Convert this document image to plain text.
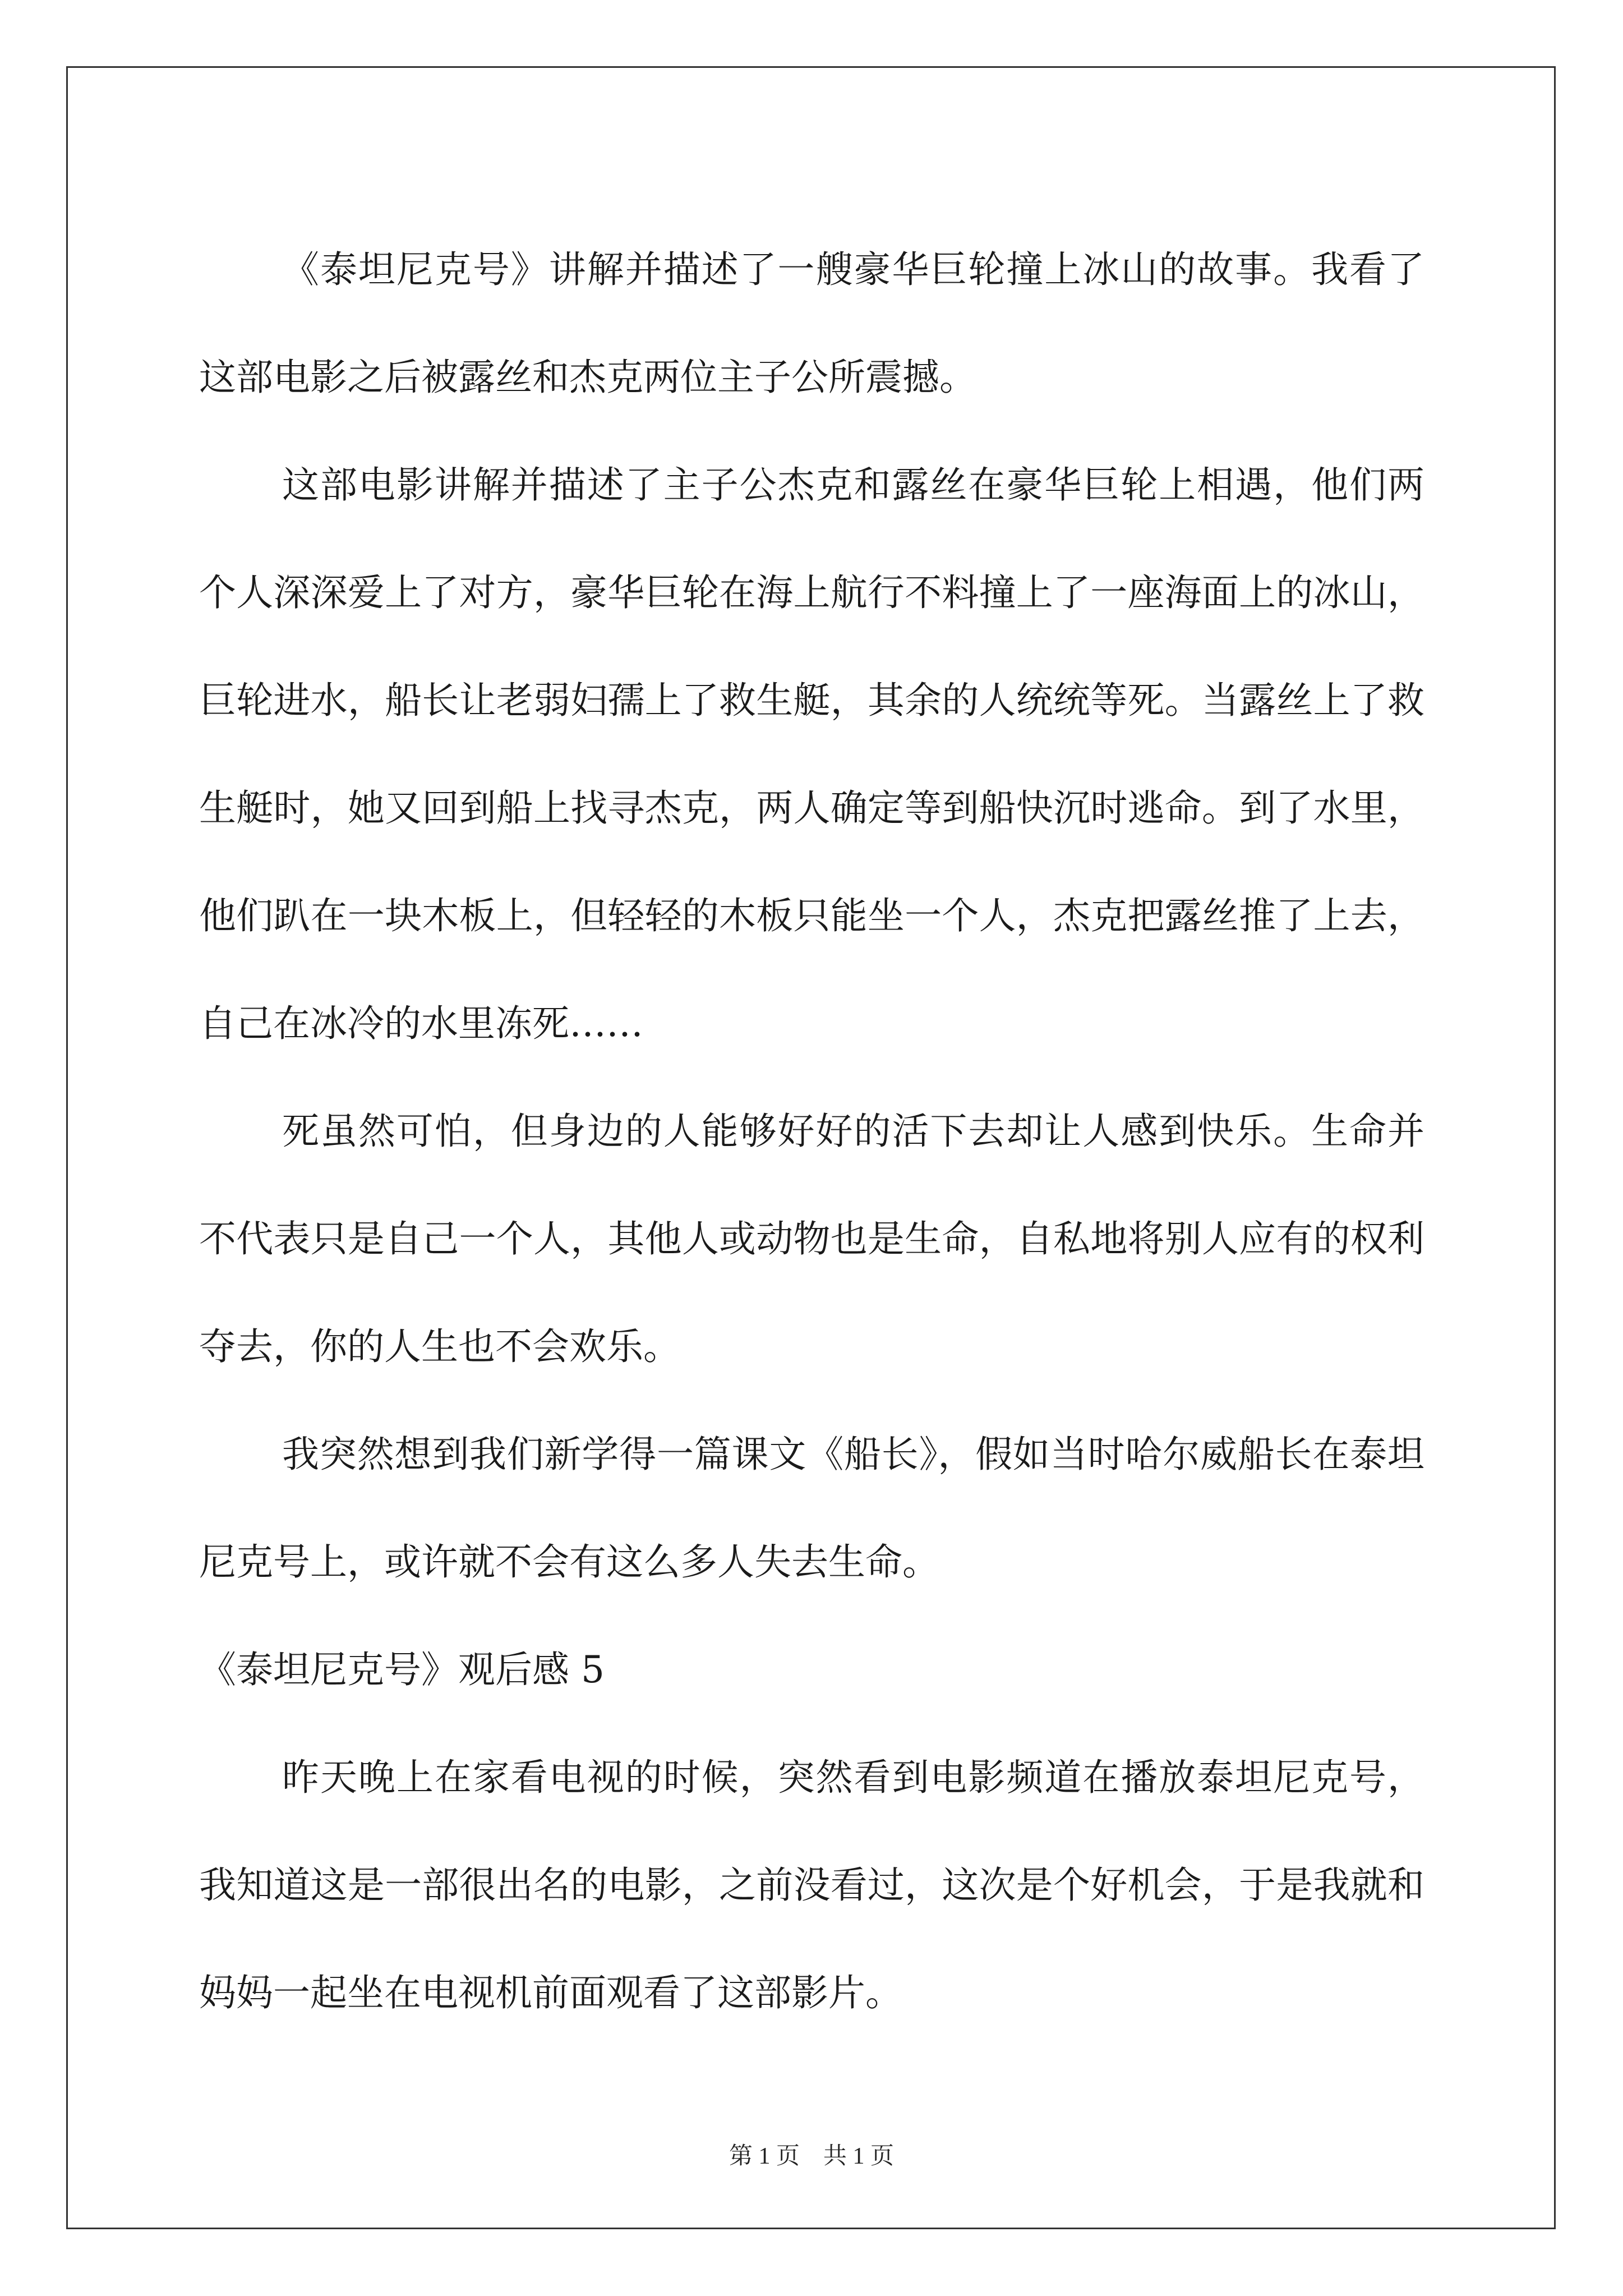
《泰坦尼克号》讲解并描述了一艘豪华巨轮撞上冰山的故事。我看了这部电影之后被露丝和杰克两位主子公所震撼。

这部电影讲解并描述了主子公杰克和露丝在豪华巨轮上相遇，他们两个人深深爱上了对方，豪华巨轮在海上航行不料撞上了一座海面上的冰山，巨轮进水，船长让老弱妇孺上了救生艇，其余的人统统等死。当露丝上了救生艇时，她又回到船上找寻杰克，两人确定等到船快沉时逃命。到了水里，他们趴在一块木板上，但轻轻的木板只能坐一个人，杰克把露丝推了上去，自己在冰冷的水里冻死……

死虽然可怕，但身边的人能够好好的活下去却让人感到快乐。生命并不代表只是自己一个人，其他人或动物也是生命，自私地将别人应有的权利夺去，你的人生也不会欢乐。

我突然想到我们新学得一篇课文《船长》，假如当时哈尔威船长在泰坦尼克号上，或许就不会有这么多人失去生命。

《泰坦尼克号》观后感 5

昨天晚上在家看电视的时候，突然看到电影频道在播放泰坦尼克号，我知道这是一部很出名的电影，之前没看过，这次是个好机会，于是我就和妈妈一起坐在电视机前面观看了这部影片。

第 1 页 共 1 页
